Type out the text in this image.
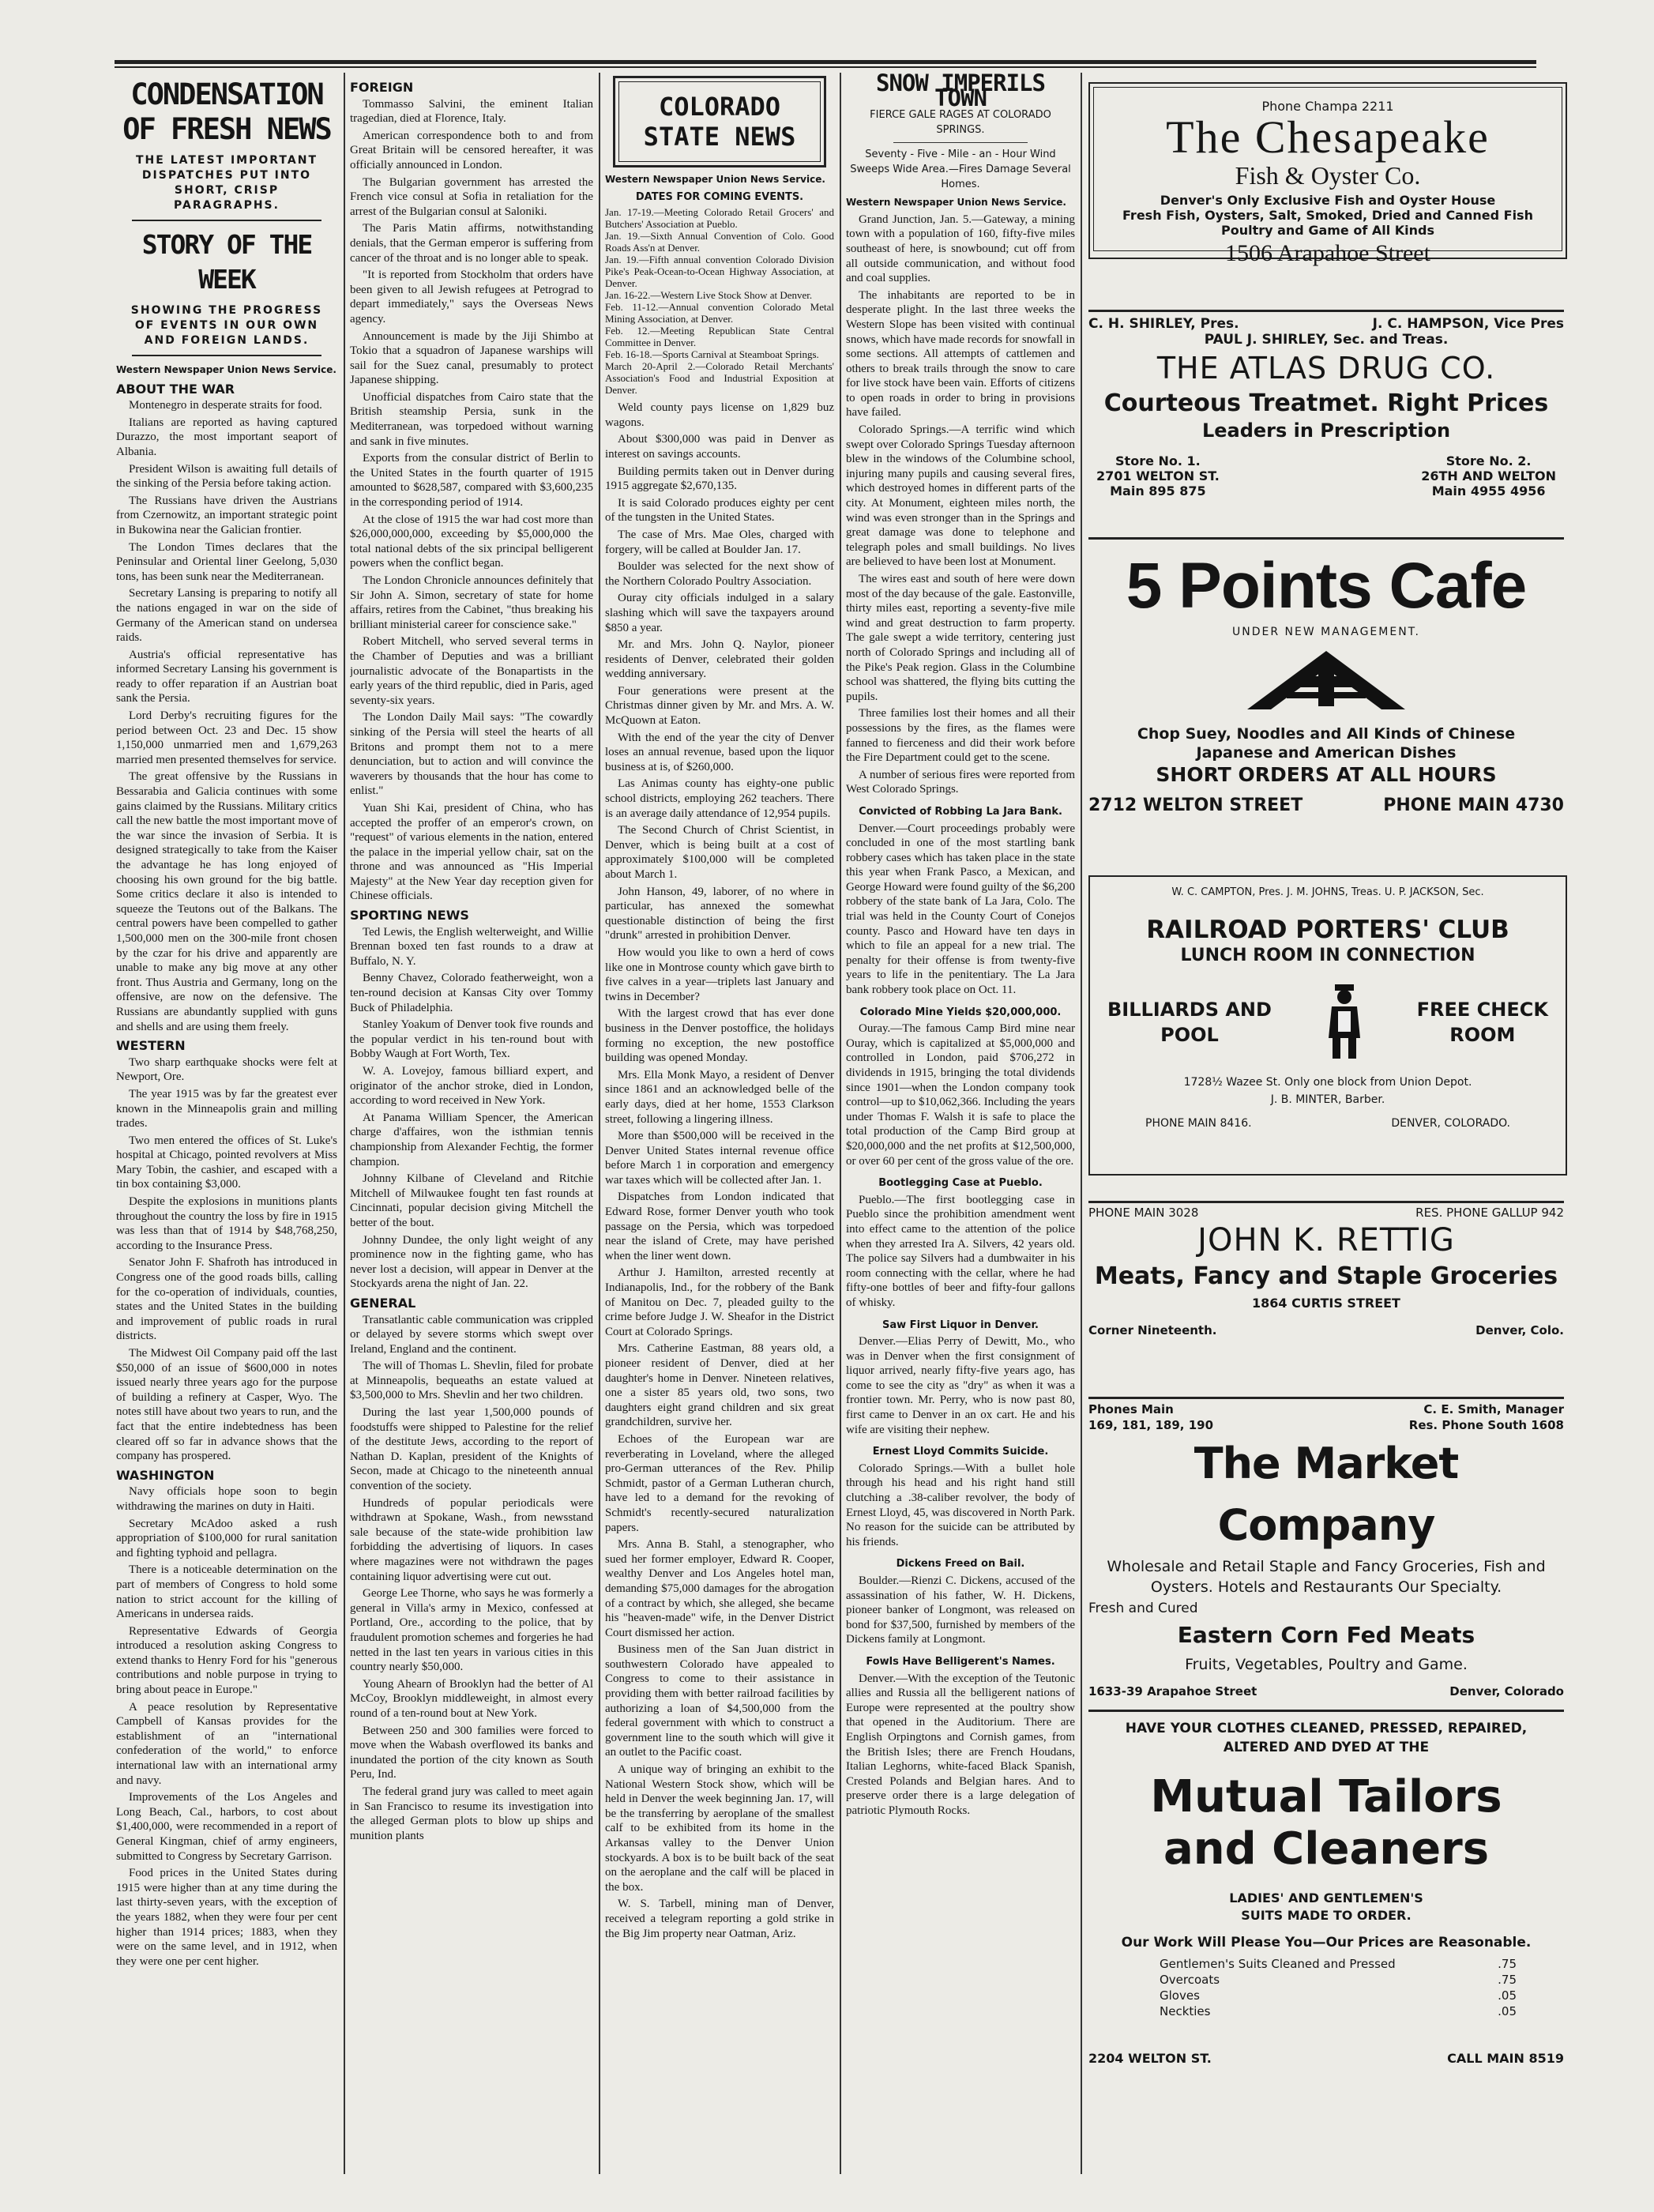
CONDENSATION OF FRESH NEWS
THE LATEST IMPORTANT DISPATCHES PUT INTO SHORT, CRISP PARAGRAPHS.
STORY OF THE WEEK
SHOWING THE PROGRESS OF EVENTS IN OUR OWN AND FOREIGN LANDS.
Western Newspaper Union News Service.
ABOUT THE WAR

Montenegro in desperate straits for food.

Italians are reported as having captured Durazzo, the most important seaport of Albania.

President Wilson is awaiting full details of the sinking of the Persia before taking action.

The Russians have driven the Austrians from Czernowitz, an important strategic point in Bukowina near the Galician frontier.

The London Times declares that the Peninsular and Oriental liner Geelong, 5,030 tons, has been sunk near the Mediterranean.

Secretary Lansing is preparing to notify all the nations engaged in war on the side of Germany of the American stand on undersea raids.

Austria's official representative has informed Secretary Lansing his government is ready to offer reparation if an Austrian boat sank the Persia.

Lord Derby's recruiting figures for the period between Oct. 23 and Dec. 15 show 1,150,000 unmarried men and 1,679,263 married men presented themselves for service.

The great offensive by the Russians in Bessarabia and Galicia continues with some gains claimed by the Russians. Military critics call the new battle the most important move of the war since the invasion of Serbia. It is designed strategically to take from the Kaiser the advantage he has long enjoyed of choosing his own ground for the big battle. Some critics declare it also is intended to squeeze the Teutons out of the Balkans. The central powers have been compelled to gather 1,500,000 men on the 300-mile front chosen by the czar for his drive and apparently are unable to make any big move at any other front. Thus Austria and Germany, long on the offensive, are now on the defensive. The Russians are abundantly supplied with guns and shells and are using them freely.

WESTERN

Two sharp earthquake shocks were felt at Newport, Ore.

The year 1915 was by far the greatest ever known in the Minneapolis grain and milling trades.

Two men entered the offices of St. Luke's hospital at Chicago, pointed revolvers at Miss Mary Tobin, the cashier, and escaped with a tin box containing $3,000.

Despite the explosions in munitions plants throughout the country the loss by fire in 1915 was less than that of 1914 by $48,768,250, according to the Insurance Press.

Senator John F. Shafroth has introduced in Congress one of the good roads bills, calling for the co-operation of individuals, counties, states and the United States in the building and improvement of public roads in rural districts.

The Midwest Oil Company paid off the last $50,000 of an issue of $600,000 in notes issued nearly three years ago for the purpose of building a refinery at Casper, Wyo. The notes still have about two years to run, and the fact that the entire indebtedness has been cleared off so far in advance shows that the company has prospered.

WASHINGTON

Navy officials hope soon to begin withdrawing the marines on duty in Haiti.

Secretary McAdoo asked a rush appropriation of $100,000 for rural sanitation and fighting typhoid and pellagra.

There is a noticeable determination on the part of members of Congress to hold some nation to strict account for the killing of Americans in undersea raids.

Representative Edwards of Georgia introduced a resolution asking Congress to extend thanks to Henry Ford for his "generous contributions and noble purpose in trying to bring about peace in Europe."

A peace resolution by Representative Campbell of Kansas provides for the establishment of an "international confederation of the world," to enforce international law with an international army and navy.

Improvements of the Los Angeles and Long Beach, Cal., harbors, to cost about $1,400,000, were recommended in a report of General Kingman, chief of army engineers, submitted to Congress by Secretary Garrison.

Food prices in the United States during 1915 were higher than at any time during the last thirty-seven years, with the exception of the years 1882, when they were four per cent higher than 1914 prices; 1883, when they were on the same level, and in 1912, when they were one per cent higher.

FOREIGN

Tommasso Salvini, the eminent Italian tragedian, died at Florence, Italy.

American correspondence both to and from Great Britain will be censored hereafter, it was officially announced in London.

The Bulgarian government has arrested the French vice consul at Sofia in retaliation for the arrest of the Bulgarian consul at Saloniki.

The Paris Matin affirms, notwithstanding denials, that the German emperor is suffering from cancer of the throat and is no longer able to speak.

"It is reported from Stockholm that orders have been given to all Jewish refugees at Petrograd to depart immediately," says the Overseas News agency.

Announcement is made by the Jiji Shimbo at Tokio that a squadron of Japanese warships will sail for the Suez canal, presumably to protect Japanese shipping.

Unofficial dispatches from Cairo state that the British steamship Persia, sunk in the Mediterranean, was torpedoed without warning and sank in five minutes.

Exports from the consular district of Berlin to the United States in the fourth quarter of 1915 amounted to $628,587, compared with $3,600,235 in the corresponding period of 1914.

At the close of 1915 the war had cost more than $26,000,000,000, exceeding by $5,000,000 the total national debts of the six principal belligerent powers when the conflict began.

The London Chronicle announces definitely that Sir John A. Simon, secretary of state for home affairs, retires from the Cabinet, "thus breaking his brilliant ministerial career for conscience sake."

Robert Mitchell, who served several terms in the Chamber of Deputies and was a brilliant journalistic advocate of the Bonapartists in the early years of the third republic, died in Paris, aged seventy-six years.

The London Daily Mail says: "The cowardly sinking of the Persia will steel the hearts of all Britons and prompt them not to a mere denunciation, but to action and will convince the waverers by thousands that the hour has come to enlist."

Yuan Shi Kai, president of China, who has accepted the proffer of an emperor's crown, on "request" of various elements in the nation, entered the palace in the imperial yellow chair, sat on the throne and was announced as "His Imperial Majesty" at the New Year day reception given for Chinese officials.

SPORTING NEWS

Ted Lewis, the English welterweight, and Willie Brennan boxed ten fast rounds to a draw at Buffalo, N. Y.

Benny Chavez, Colorado featherweight, won a ten-round decision at Kansas City over Tommy Buck of Philadelphia.

Stanley Yoakum of Denver took five rounds and the popular verdict in his ten-round bout with Bobby Waugh at Fort Worth, Tex.

W. A. Lovejoy, famous billiard expert, and originator of the anchor stroke, died in London, according to word received in New York.

At Panama William Spencer, the American charge d'affaires, won the isthmian tennis championship from Alexander Fechtig, the former champion.

Johnny Kilbane of Cleveland and Ritchie Mitchell of Milwaukee fought ten fast rounds at Cincinnati, popular decision giving Mitchell the better of the bout.

Johnny Dundee, the only light weight of any prominence now in the fighting game, who has never lost a decision, will appear in Denver at the Stockyards arena the night of Jan. 22.

GENERAL

Transatlantic cable communication was crippled or delayed by severe storms which swept over Ireland, England and the continent.

The will of Thomas L. Shevlin, filed for probate at Minneapolis, bequeaths an estate valued at $3,500,000 to Mrs. Shevlin and her two children.

During the last year 1,500,000 pounds of foodstuffs were shipped to Palestine for the relief of the destitute Jews, according to the report of Nathan D. Kaplan, president of the Knights of Secon, made at Chicago to the nineteenth annual convention of the society.

Hundreds of popular periodicals were withdrawn at Spokane, Wash., from newsstand sale because of the state-wide prohibition law forbidding the advertising of liquors. In cases where magazines were not withdrawn the pages containing liquor advertising were cut out.

George Lee Thorne, who says he was formerly a general in Villa's army in Mexico, confessed at Portland, Ore., according to the police, that by fraudulent promotion schemes and forgeries he had netted in the last ten years in various cities in this country nearly $50,000.

Young Ahearn of Brooklyn had the better of Al McCoy, Brooklyn middleweight, in almost every round of a ten-round bout at New York.

Between 250 and 300 families were forced to move when the Wabash overflowed its banks and inundated the portion of the city known as South Peru, Ind.

The federal grand jury was called to meet again in San Francisco to resume its investigation into the alleged German plots to blow up ships and munition plants

COLORADO STATE NEWS
Western Newspaper Union News Service.
DATES FOR COMING EVENTS.
Jan. 17-19.—Meeting Colorado Retail Grocers' and Butchers' Association at Pueblo.
Jan. 19.—Sixth Annual Convention of Colo. Good Roads Ass'n at Denver.
Jan. 19.—Fifth annual convention Colorado Division Pike's Peak-Ocean-to-Ocean Highway Association, at Denver.
Jan. 16-22.—Western Live Stock Show at Denver.
Feb. 11-12.—Annual convention Colorado Metal Mining Association, at Denver.
Feb. 12.—Meeting Republican State Central Committee in Denver.
Feb. 16-18.—Sports Carnival at Steamboat Springs.
March 20-April 2.—Colorado Retail Merchants' Association's Food and Industrial Exposition at Denver.

Weld county pays license on 1,829 buz wagons.

About $300,000 was paid in Denver as interest on savings accounts.

Building permits taken out in Denver during 1915 aggregate $2,670,135.

It is said Colorado produces eighty per cent of the tungsten in the United States.

The case of Mrs. Mae Oles, charged with forgery, will be called at Boulder Jan. 17.

Boulder was selected for the next show of the Northern Colorado Poultry Association.

Ouray city officials indulged in a salary slashing which will save the taxpayers around $850 a year.

Mr. and Mrs. John Q. Naylor, pioneer residents of Denver, celebrated their golden wedding anniversary.

Four generations were present at the Christmas dinner given by Mr. and Mrs. A. W. McQuown at Eaton.

With the end of the year the city of Denver loses an annual revenue, based upon the liquor business at is, of $260,000.

Las Animas county has eighty-one public school districts, employing 262 teachers. There is an average daily attendance of 12,954 pupils.

The Second Church of Christ Scientist, in Denver, which is being built at a cost of approximately $100,000 will be completed about March 1.

John Hanson, 49, laborer, of no where in particular, has annexed the somewhat questionable distinction of being the first "drunk" arrested in prohibition Denver.

How would you like to own a herd of cows like one in Montrose county which gave birth to five calves in a year—triplets last January and twins in December?

With the largest crowd that has ever done business in the Denver postoffice, the holidays forming no exception, the new postoffice building was opened Monday.

Mrs. Ella Monk Mayo, a resident of Denver since 1861 and an acknowledged belle of the early days, died at her home, 1553 Clarkson street, following a lingering illness.

More than $500,000 will be received in the Denver United States internal revenue office before March 1 in corporation and emergency war taxes which will be collected after Jan. 1.

Dispatches from London indicated that Edward Rose, former Denver youth who took passage on the Persia, which was torpedoed near the island of Crete, may have perished when the liner went down.

Arthur J. Hamilton, arrested recently at Indianapolis, Ind., for the robbery of the Bank of Manitou on Dec. 7, pleaded guilty to the crime before Judge J. W. Sheafor in the District Court at Colorado Springs.

Mrs. Catherine Eastman, 88 years old, a pioneer resident of Denver, died at her daughter's home in Denver. Nineteen relatives, one a sister 85 years old, two sons, two daughters eight grand children and six great grandchildren, survive her.

Echoes of the European war are reverberating in Loveland, where the alleged pro-German utterances of the Rev. Philip Schmidt, pastor of a German Lutheran church, have led to a demand for the revoking of Schmidt's recently-secured naturalization papers.

Mrs. Anna B. Stahl, a stenographer, who sued her former employer, Edward R. Cooper, wealthy Denver and Los Angeles hotel man, demanding $75,000 damages for the abrogation of a contract by which, she alleged, she became his "heaven-made" wife, in the Denver District Court dismissed her action.

Business men of the San Juan district in southwestern Colorado have appealed to Congress to come to their assistance in providing them with better railroad facilities by authorizing a loan of $4,500,000 from the federal government with which to construct a government line to the south which will give it an outlet to the Pacific coast.

A unique way of bringing an exhibit to the National Western Stock show, which will be held in Denver the week beginning Jan. 17, will be the transferring by aeroplane of the smallest calf to be exhibited from its home in the Arkansas valley to the Denver Union stockyards. A box is to be built back of the seat on the aeroplane and the calf will be placed in the box.

W. S. Tarbell, mining man of Denver, received a telegram reporting a gold strike in the Big Jim property near Oatman, Ariz.

SNOW IMPERILS TOWN
FIERCE GALE RAGES AT COLORADO SPRINGS.
Seventy - Five - Mile - an - Hour Wind Sweeps Wide Area.—Fires Damage Several Homes.
Western Newspaper Union News Service.

Grand Junction, Jan. 5.—Gateway, a mining town with a population of 160, fifty-five miles southeast of here, is snowbound; cut off from all outside communication, and without food and coal supplies.

The inhabitants are reported to be in desperate plight. In the last three weeks the Western Slope has been visited with continual snows, which have made records for snowfall in some sections. All attempts of cattlemen and others to break trails through the snow to care for live stock have been vain. Efforts of citizens to open roads in order to bring in provisions have failed.

Colorado Springs.—A terrific wind which swept over Colorado Springs Tuesday afternoon blew in the windows of the Columbine school, injuring many pupils and causing several fires, which destroyed homes in different parts of the city. At Monument, eighteen miles north, the wind was even stronger than in the Springs and great damage was done to telephone and telegraph poles and small buildings. No lives are believed to have been lost at Monument.

The wires east and south of here were down most of the day because of the gale. Eastonville, thirty miles east, reporting a seventy-five mile wind and great destruction to farm property. The gale swept a wide territory, centering just north of Colorado Springs and including all of the Pike's Peak region. Glass in the Columbine school was shattered, the flying bits cutting the pupils.

Three families lost their homes and all their possessions by the fires, as the flames were fanned to fierceness and did their work before the Fire Department could get to the scene.

A number of serious fires were reported from West Colorado Springs.

Convicted of Robbing La Jara Bank.

Denver.—Court proceedings probably were concluded in one of the most startling bank robbery cases which has taken place in the state this year when Frank Pasco, a Mexican, and George Howard were found guilty of the $6,200 robbery of the state bank of La Jara, Colo. The trial was held in the County Court of Conejos county. Pasco and Howard have ten days in which to file an appeal for a new trial. The penalty for their offense is from twenty-five years to life in the penitentiary. The La Jara bank robbery took place on Oct. 11.

Colorado Mine Yields $20,000,000.

Ouray.—The famous Camp Bird mine near Ouray, which is capitalized at $5,000,000 and controlled in London, paid $706,272 in dividends in 1915, bringing the total dividends since 1901—when the London company took control—up to $10,062,366. Including the years under Thomas F. Walsh it is safe to place the total production of the Camp Bird group at $20,000,000 and the net profits at $12,500,000, or over 60 per cent of the gross value of the ore.

Bootlegging Case at Pueblo.

Pueblo.—The first bootlegging case in Pueblo since the prohibition amendment went into effect came to the attention of the police when they arrested Ira A. Silvers, 42 years old. The police say Silvers had a dumbwaiter in his room connecting with the cellar, where he had fifty-one bottles of beer and fifty-four gallons of whisky.

Saw First Liquor in Denver.

Denver.—Elias Perry of Dewitt, Mo., who was in Denver when the first consignment of liquor arrived, nearly fifty-five years ago, has come to see the city as "dry" as when it was a frontier town. Mr. Perry, who is now past 80, first came to Denver in an ox cart. He and his wife are visiting their nephew.

Ernest Lloyd Commits Suicide.

Colorado Springs.—With a bullet hole through his head and his right hand still clutching a .38-caliber revolver, the body of Ernest Lloyd, 45, was discovered in North Park. No reason for the suicide can be attributed by his friends.

Dickens Freed on Bail.

Boulder.—Rienzi C. Dickens, accused of the assassination of his father, W. H. Dickens, pioneer banker of Longmont, was released on bond for $37,500, furnished by members of the Dickens family at Longmont.

Fowls Have Belligerent's Names.

Denver.—With the exception of the Teutonic allies and Russia all the belligerent nations of Europe were represented at the poultry show that opened in the Auditorium. There are English Orpingtons and Cornish games, from the British Isles; there are French Houdans, Italian Leghorns, white-faced Black Spanish, Crested Polands and Belgian hares. And to preserve order there is a large delegation of patriotic Plymouth Rocks.

Phone Champa 2211
The Chesapeake
Fish & Oyster Co.
Denver's Only Exclusive Fish and Oyster House
Fresh Fish, Oysters, Salt, Smoked, Dried and Canned Fish
Poultry and Game of All Kinds
1506 Arapahoe Street
C. H. SHIRLEY, Pres.	J. C. HAMPSON, Vice Pres
PAUL J. SHIRLEY, Sec. and Treas.
THE ATLAS DRUG CO.
Courteous Treatmet. Right Prices
Leaders in Prescription
Store No. 1.
2701 WELTON ST.
Main 895 875
Store No. 2.
26TH AND WELTON
Main 4955 4956
5 Points Cafe
UNDER NEW MANAGEMENT.
Chop Suey, Noodles and All Kinds of Chinese
Japanese and American Dishes
SHORT ORDERS AT ALL HOURS
2712 WELTON STREET	PHONE MAIN 4730
W. C. CAMPTON, Pres. J. M. JOHNS, Treas. U. P. JACKSON, Sec.
RAILROAD PORTERS' CLUB
LUNCH ROOM IN CONNECTION
BILLIARDS AND
POOL
FREE CHECK
ROOM
1728½ Wazee St. Only one block from Union Depot.
J. B. MINTER, Barber.
PHONE MAIN 8416.	DENVER, COLORADO.
PHONE MAIN 3028	RES. PHONE GALLUP 942
JOHN K. RETTIG
Meats, Fancy and Staple Groceries
1864 CURTIS STREET
Corner Nineteenth.	Denver, Colo.
Phones Main
169, 181, 189, 190
C. E. Smith, Manager
Res. Phone South 1608
The Market Company
Wholesale and Retail Staple and Fancy Groceries, Fish and
Oysters. Hotels and Restaurants Our Specialty.
Fresh and Cured
Eastern Corn Fed Meats
Fruits, Vegetables, Poultry and Game.
1633-39 Arapahoe Street	Denver, Colorado
HAVE YOUR CLOTHES CLEANED, PRESSED, REPAIRED,
ALTERED AND DYED AT THE
Mutual Tailors
and Cleaners
LADIES' AND GENTLEMEN'S
SUITS MADE TO ORDER.
Our Work Will Please You—Our Prices are Reasonable.
Gentlemen's Suits Cleaned and Pressed	.75
Overcoats	.75
Gloves	.05
Neckties	.05
2204 WELTON ST.	CALL MAIN 8519
